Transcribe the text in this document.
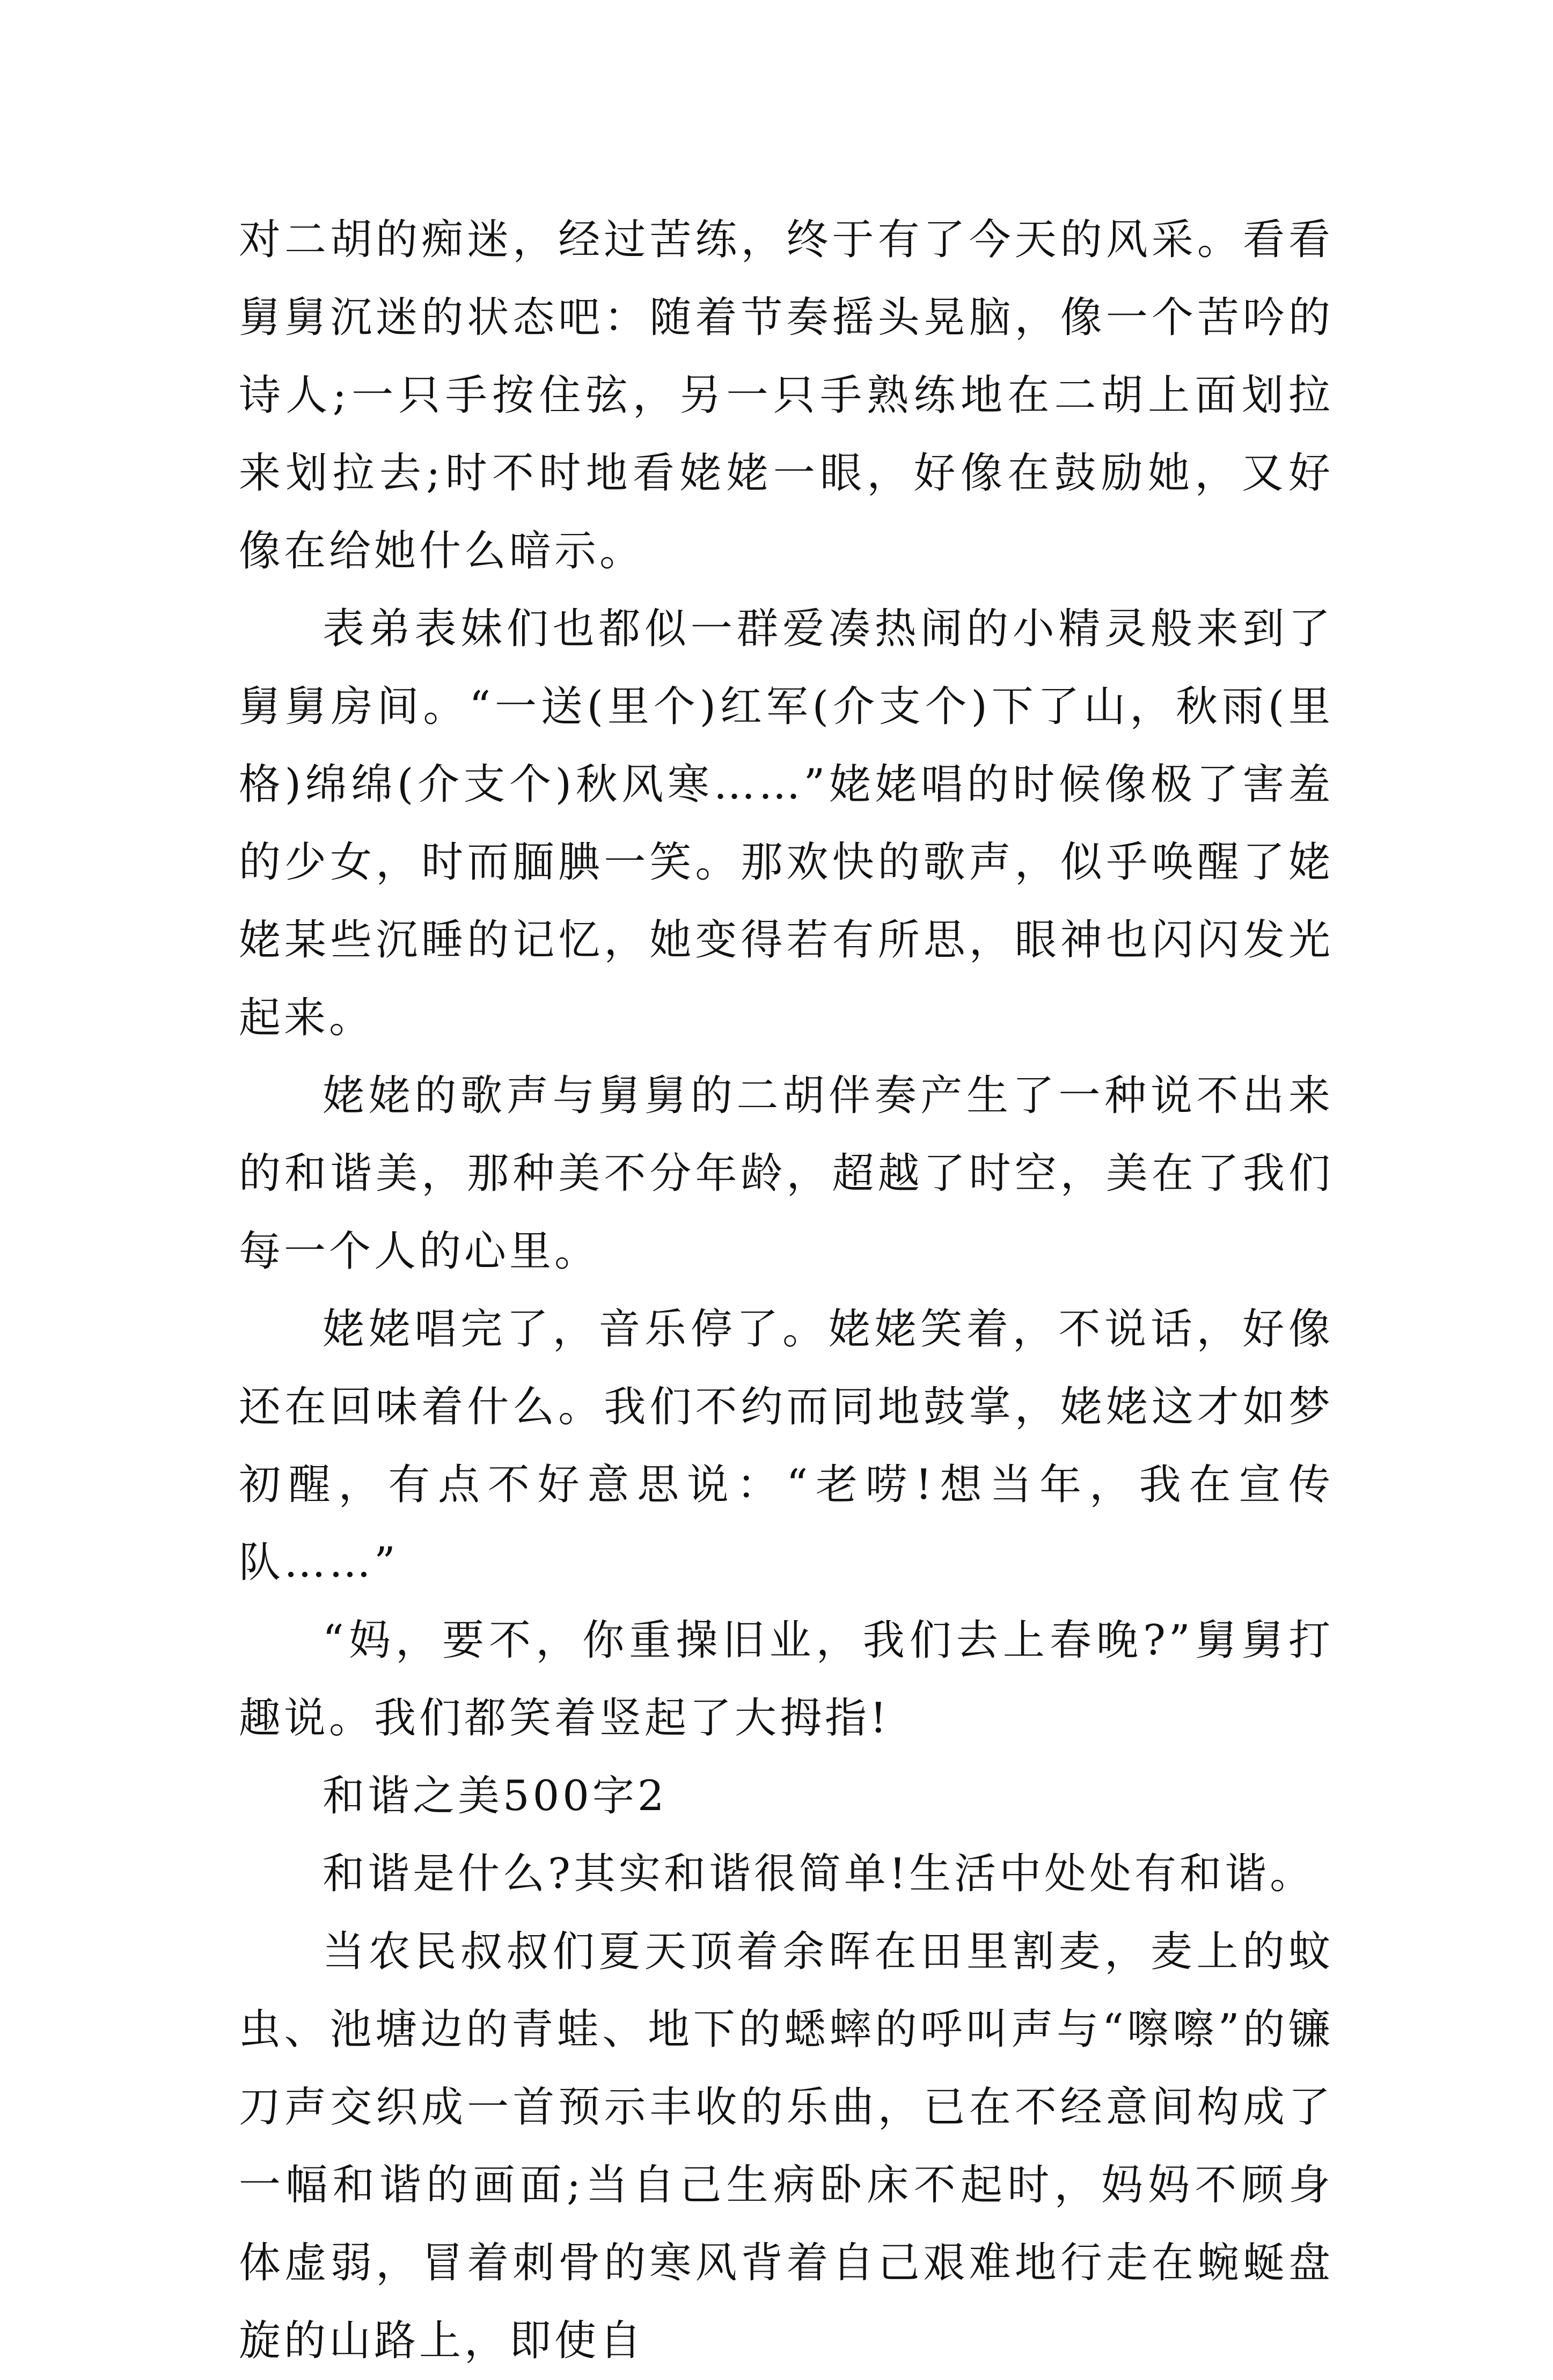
对二胡的痴迷，经过苦练，终于有了今天的风采。看看舅舅沉迷的状态吧：随着节奏摇头晃脑，像一个苦吟的诗人;一只手按住弦，另一只手熟练地在二胡上面划拉来划拉去;时不时地看姥姥一眼，好像在鼓励她，又好像在给她什么暗示。

表弟表妹们也都似一群爱凑热闹的小精灵般来到了舅舅房间。“一送(里个)红军(介支个)下了山，秋雨(里格)绵绵(介支个)秋风寒……”姥姥唱的时候像极了害羞的少女，时而腼腆一笑。那欢快的歌声，似乎唤醒了姥姥某些沉睡的记忆，她变得若有所思，眼神也闪闪发光起来。

姥姥的歌声与舅舅的二胡伴奏产生了一种说不出来的和谐美，那种美不分年龄，超越了时空，美在了我们每一个人的心里。

姥姥唱完了，音乐停了。姥姥笑着，不说话，好像还在回味着什么。我们不约而同地鼓掌，姥姥这才如梦初醒，有点不好意思说：“老唠!想当年，我在宣传队……”

“妈，要不，你重操旧业，我们去上春晚?”舅舅打趣说。我们都笑着竖起了大拇指!

和谐之美500字2

和谐是什么?其实和谐很简单!生活中处处有和谐。

当农民叔叔们夏天顶着余晖在田里割麦，麦上的蚊虫、池塘边的青蛙、地下的蟋蟀的呼叫声与“嚓嚓”的镰刀声交织成一首预示丰收的乐曲，已在不经意间构成了一幅和谐的画面;当自己生病卧床不起时，妈妈不顾身体虚弱，冒着刺骨的寒风背着自己艰难地行走在蜿蜒盘旋的山路上，即使自
